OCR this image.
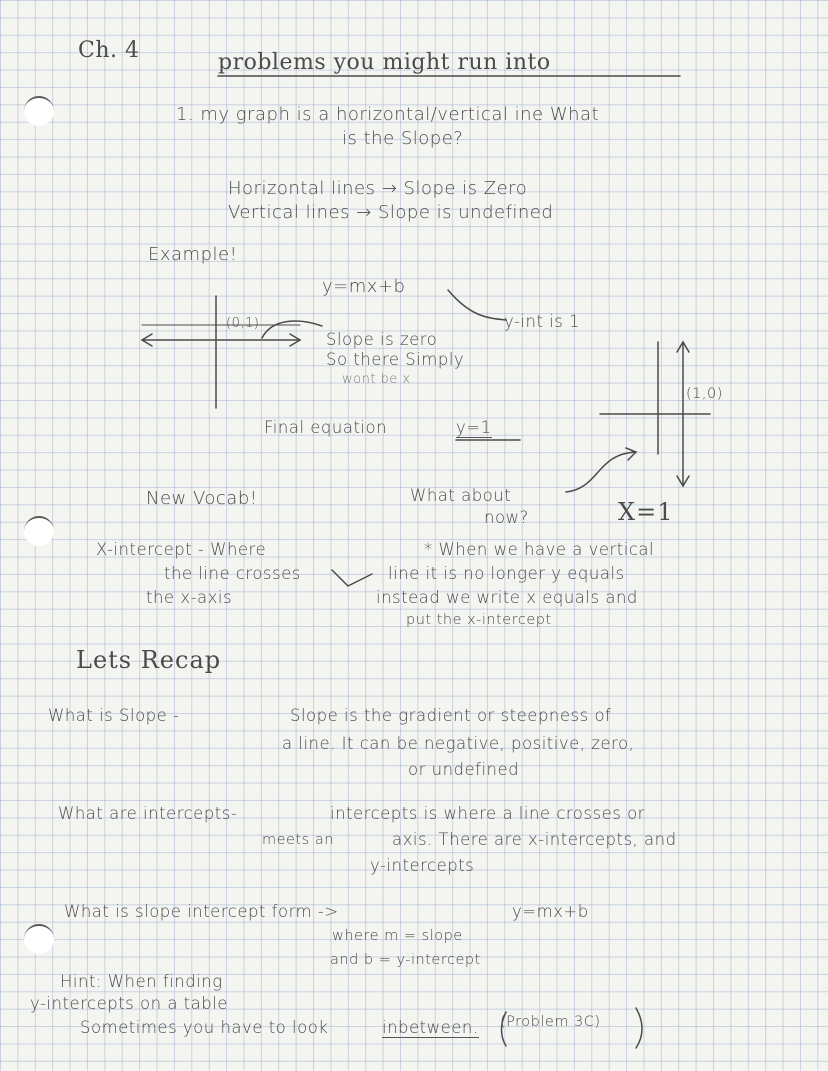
Ch. 4	problems you might run into
1. my graph is a horizontal/vertical ine What
is the Slope?
Horizontal lines → Slope is Zero
Vertical lines → Slope is undefined
Example!
y=mx+b
(0,1)	y-int is 1
Slope is zero
So there Simply
wont be x
Final equation	y=1
(1,0)
What about
now?	X=1
New Vocab!
X-intercept - Where
the line crosses
the x-axis
* When we have a vertical
line it is no longer y equals
instead we write x equals and
put the x-intercept
Lets Recap
What is Slope -	Slope is the gradient or steepness of
a line. It can be negative, positive, zero,
or undefined
What are intercepts-	intercepts is where a line crosses or
meets an	axis. There are x-intercepts, and
y-intercepts
What is slope intercept form ->	y=mx+b
where m = slope
and b = y-intercept
Hint: When finding
y-intercepts on a table
Sometimes you have to look	inbetween. (Problem 3C)
